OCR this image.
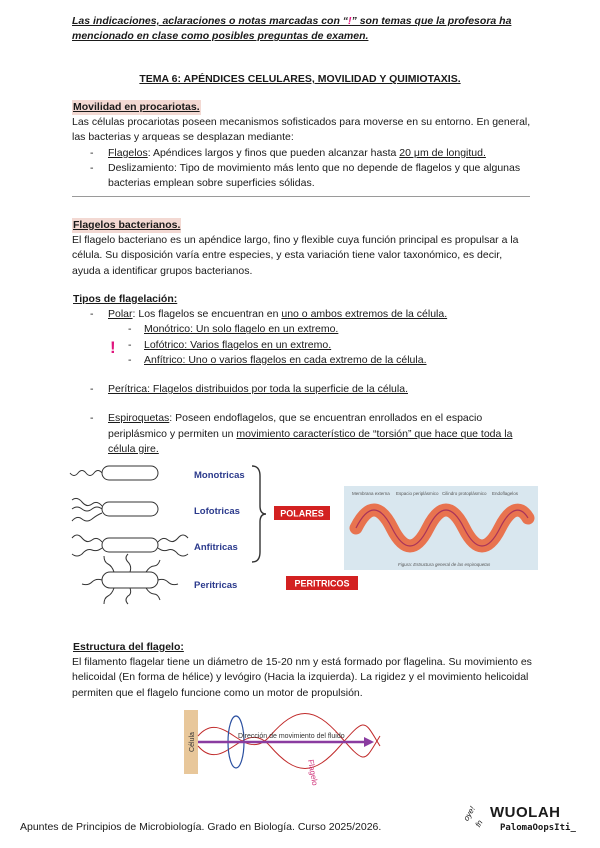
Las indicaciones, aclaraciones o notas marcadas con “!” son temas que la profesora ha mencionado en clase como posibles preguntas de examen.
TEMA 6: APÉNDICES CELULARES, MOVILIDAD Y QUIMIOTAXIS.
Movilidad en procariotas.

Las células procariotas poseen mecanismos sofisticados para moverse en su entorno. En general, las bacterias y arqueas se desplazan mediante:

- Flagelos: Apéndices largos y finos que pueden alcanzar hasta 20 μm de longitud.
- Deslizamiento: Tipo de movimiento más lento que no depende de flagelos y que algunas bacterias emplean sobre superficies sólidas.
Flagelos bacterianos.

El flagelo bacteriano es un apéndice largo, fino y flexible cuya función principal es propulsar a la célula. Su disposición varía entre especies, y esta variación tiene valor taxonómico, es decir, ayuda a identificar grupos bacterianos.

Tipos de flagelación:
- Polar: Los flagelos se encuentran en uno o ambos extremos de la célula.
- Monótrico: Un solo flagelo en un extremo.
- Lofótrico: Varios flagelos en un extremo.
- Anfítrico: Uno o varios flagelos en cada extremo de la célula.
- Perítrica: Flagelos distribuidos por toda la superficie de la célula.
- Espiroquetas: Poseen endoflagelos, que se encuentran enrollados en el espacio periplásmico y permiten un movimiento característico de “torsión” que hace que toda la célula gire.
!
Monotricas
Lofotricas
Anfitricas
Peritricas
POLARES
PERITRICOS
Membrana externa Espacio periplásmico Cilindro protoplásmico Endoflagelos
Figura: Estructura general de las espiroquetas
Estructura del flagelo:

El filamento flagelar tiene un diámetro de 15-20 nm y está formado por flagelina. Su movimiento es helicoidal (En forma de hélice) y levógiro (Hacia la izquierda). La rigidez y el movimiento helicoidal permiten que el flagelo funcione como un motor de propulsión.

Célula	Dirección de movimiento del fluido
Flagelo
Apuntes de Principios de Microbiología. Grado en Biología. Curso 2025/2026.
oye!
fn
WUOLAH
PalomaOopsIti_
